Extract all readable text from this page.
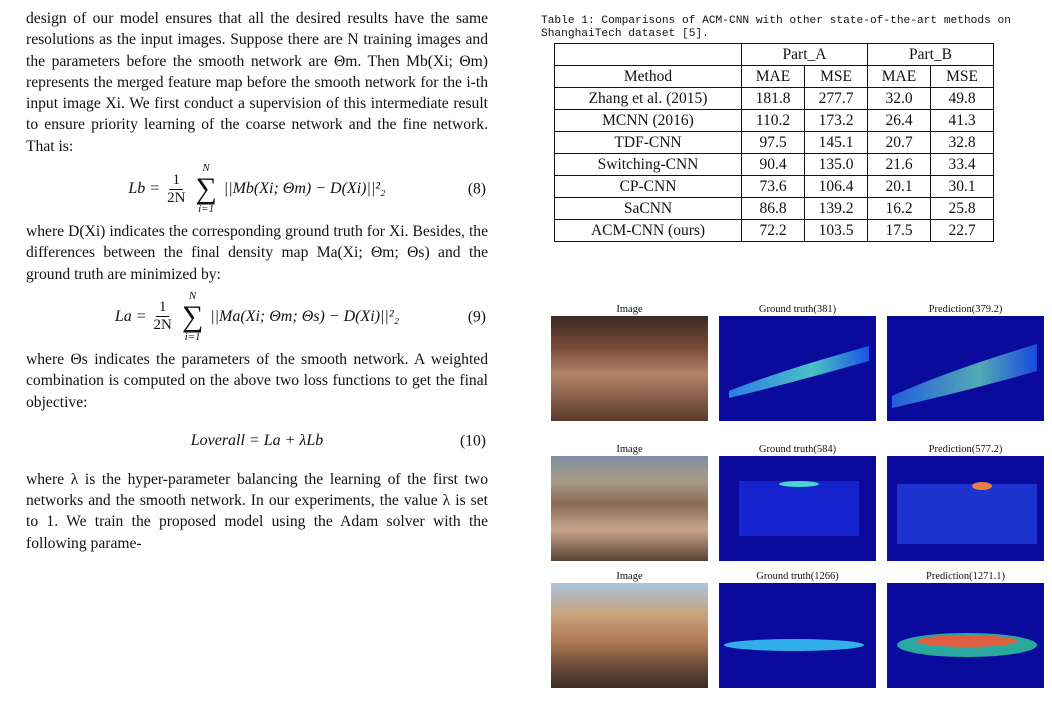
design of our model ensures that all the desired results have the same resolutions as the input images. Suppose there are N training images and the parameters before the smooth network are Θm. Then Mb(Xi; Θm) represents the merged feature map before the smooth network for the i-th input image Xi. We first conduct a supervision of this intermediate result to ensure priority learning of the coarse network and the fine network. That is:

$Lb = \frac{1}{2N}$
N
∑
i=1
||Mb(Xi; Θm) − D(Xi)||²₂	(8)

where D(Xi) indicates the corresponding ground truth for Xi. Besides, the differences between the final density map Ma(Xi; Θm; Θs) and the ground truth are minimized by:

$La = \frac{1}{2N}$
N
∑
i=1
||Ma(Xi; Θm; Θs) − D(Xi)||²₂	(9)

where Θs indicates the parameters of the smooth network. A weighted combination is computed on the above two loss functions to get the final objective:

Loverall = La + λLb	(10)

where λ is the hyper-parameter balancing the learning of the first two networks and the smooth network. In our experiments, the value λ is set to 1. We train the proposed model using the Adam solver with the following parame-

Table 1: Comparisons of ACM-CNN with other state-of-the-art methods on ShanghaiTech dataset [5].

	Part_A		Part_B	
Method	MAE	MSE	MAE	MSE
Zhang et al. (2015)	181.8	277.7	32.0	49.8
MCNN (2016)	110.2	173.2	26.4	41.3
TDF-CNN	97.5	145.1	20.7	32.8
Switching-CNN	90.4	135.0	21.6	33.4
CP-CNN	73.6	106.4	20.1	30.1
SaCNN	86.8	139.2	16.2	25.8
ACM-CNN (ours)	72.2	103.5	17.5	22.7
Image	Ground truth(381)	Prediction(379.2)
Image	Ground truth(584)	Prediction(577.2)
Image	Ground truth(1266)	Prediction(1271.1)
